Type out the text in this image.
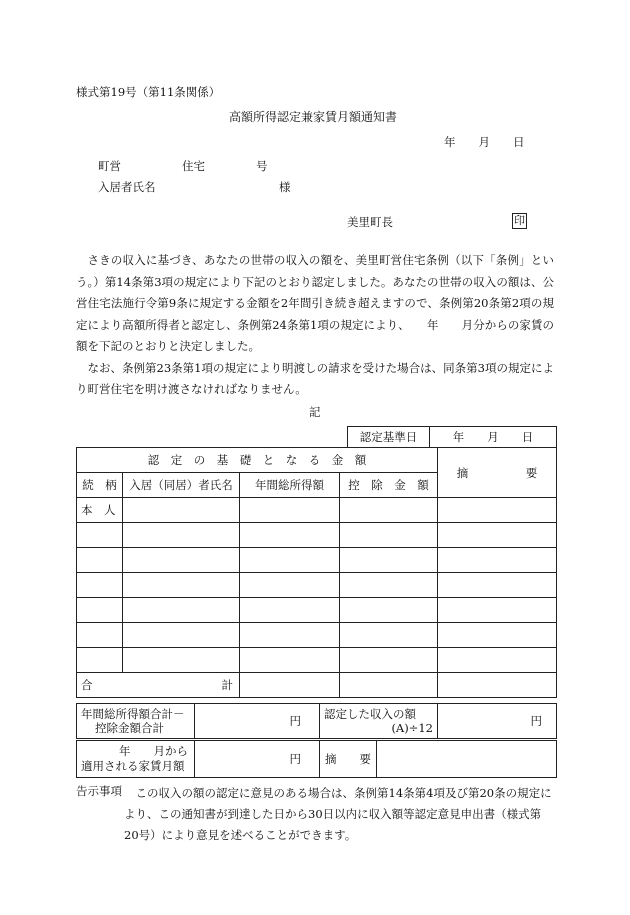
様式第19号（第11条関係）
高額所得認定兼家賃月額通知書
年　　月　　日
町営	住宅	号
入居者氏名	様
美里町長	印

さきの収入に基づき、あなたの世帯の収入の額を、美里町営住宅条例（以下「条例」という。）第14条第3項の規定により下記のとおり認定しました。あなたの世帯の収入の額は、公営住宅法施行令第9条に規定する金額を2年間引き続き超えますので、条例第20条第2項の規定により高額所得者と認定し、条例第24条第1項の規定により、　　年　　月分からの家賃の額を下記のとおりと決定しました。

なお、条例第23条第1項の規定により明渡しの請求を受けた場合は、同条第3項の規定により町営住宅を明け渡さなければなりません。

記
認定基準日	年　　月　　日
認　定　の　基　礎　と　な　る　金　額				摘　　　　　要
続　柄	入居（同居）者氏名	年間総所得額	控　除　金　額	
本　人				

合 計				

年間総所得額合計－
控除金額合計	円	認定した収入の額
(A)÷12	円
年　　月から
適用される家賃月額	円	摘　　要	
告示事項	この収入の額の認定に意見のある場合は、条例第14条第4項及び第20条の規定により、この通知書が到達した日から30日以内に収入額等認定意見申出書（様式第20号）により意見を述べることができます。
